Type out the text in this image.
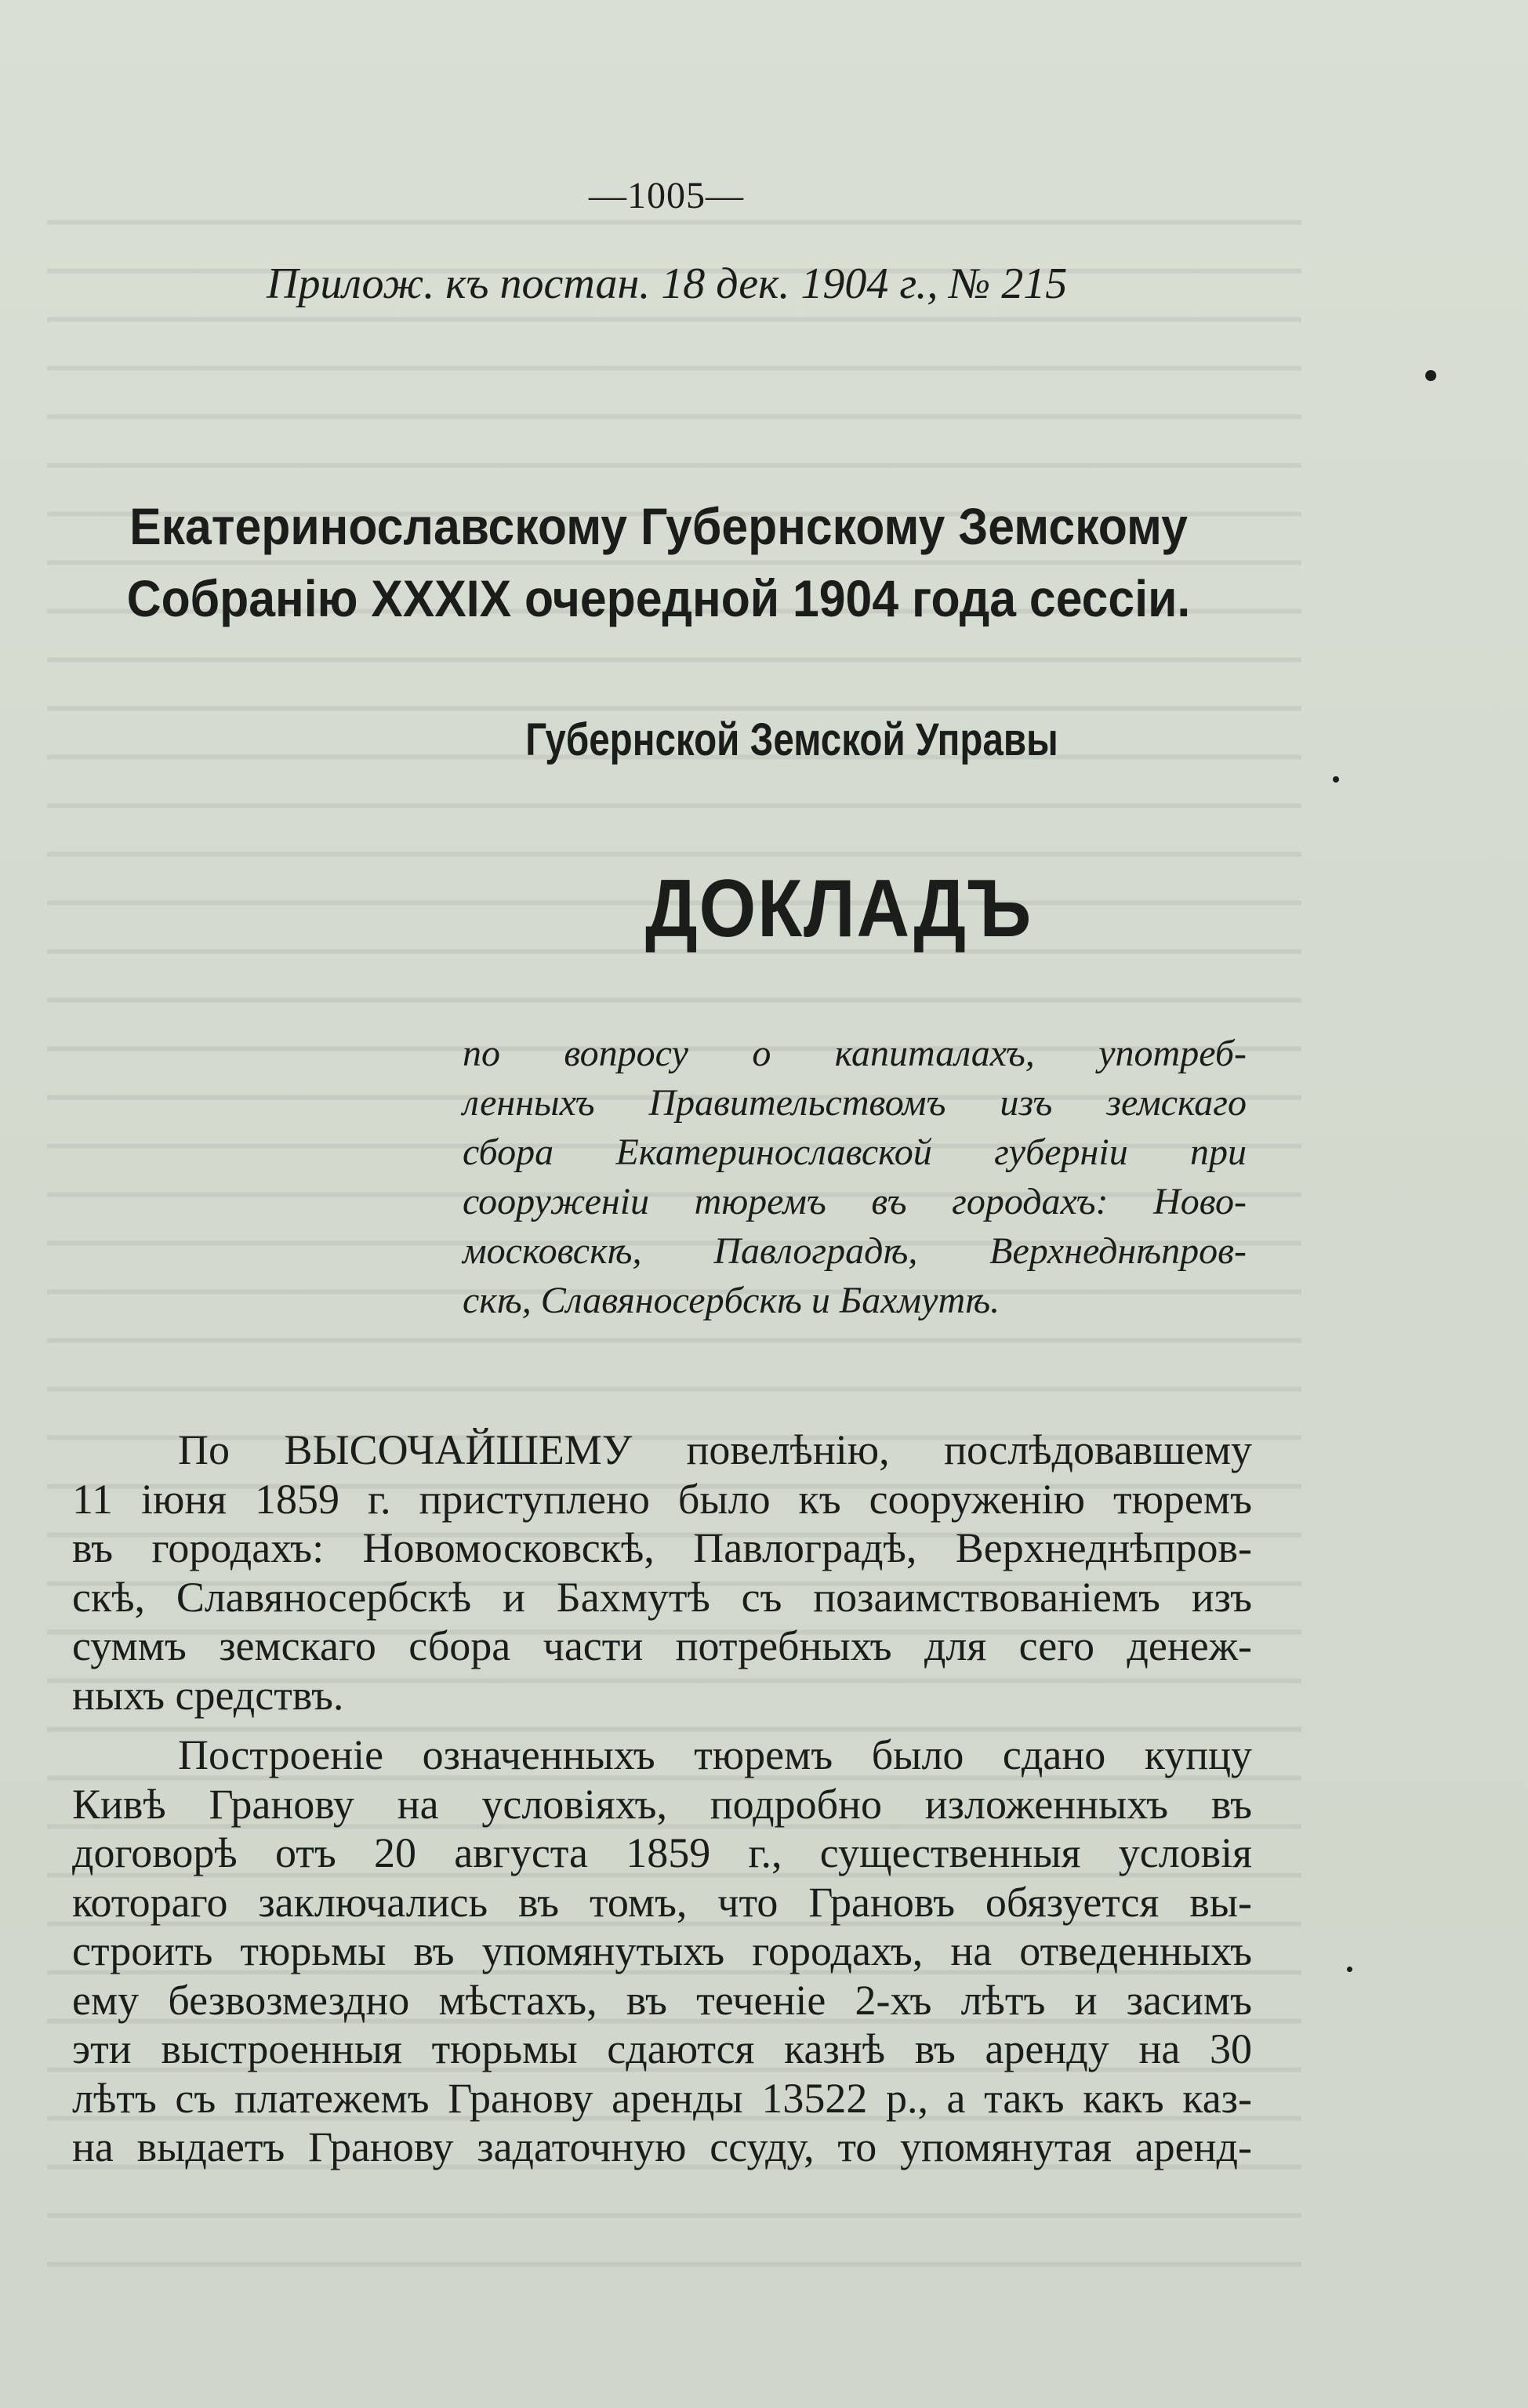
—1005—
Прилож. къ постан. 18 дек. 1904 г., № 215
Екатеринославскому Губернскому Земскому
Собранію XXXIX очередной 1904 года сессіи.
Губернской Земской Управы
ДОКЛАДЪ
по вопросу о капиталахъ, употреб-
ленныхъ Правительствомъ изъ земскаго
сбора Екатеринославской губерніи при
сооруженіи тюремъ въ городахъ: Ново-
московскѣ, Павлоградѣ, Верхнеднѣпров-
скѣ, Славяносербскѣ и Бахмутѣ.
По ВЫСОЧАЙШЕМУ повелѣнію, послѣдовавшему
11 іюня 1859 г. приступлено было къ сооруженію тюремъ
въ городахъ: Новомосковскѣ, Павлоградѣ, Верхнеднѣпров-
скѣ, Славяносербскѣ и Бахмутѣ съ позаимствованіемъ изъ
суммъ земскаго сбора части потребныхъ для сего денеж-
ныхъ средствъ.
Построеніе означенныхъ тюремъ было сдано купцу
Кивѣ Гранову на условіяхъ, подробно изложенныхъ въ
договорѣ отъ 20 августа 1859 г., существенныя условія
котораго заключались въ томъ, что Грановъ обязуется вы-
строить тюрьмы въ упомянутыхъ городахъ, на отведенныхъ
ему безвозмездно мѣстахъ, въ теченіе 2-хъ лѣтъ и засимъ
эти выстроенныя тюрьмы сдаются казнѣ въ аренду на 30
лѣтъ съ платежемъ Гранову аренды 13522 р., а такъ какъ каз-
на выдаетъ Гранову задаточную ссуду, то упомянутая аренд-
